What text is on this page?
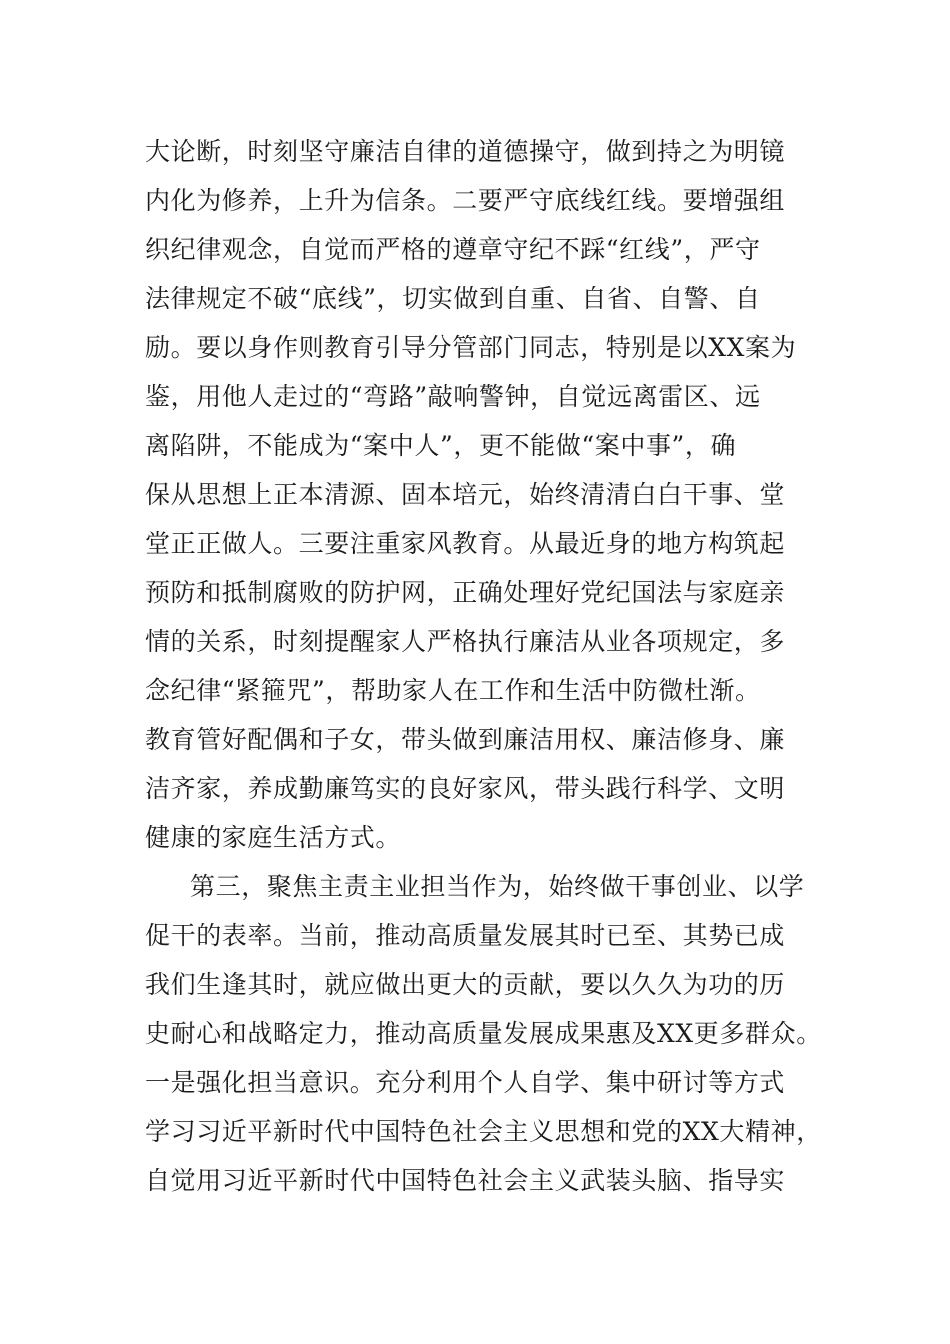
大论断，时刻坚守廉洁自律的道德操守，做到持之为明镜
内化为修养，上升为信条。二要严守底线红线。要增强组
织纪律观念，自觉而严格的遵章守纪不踩“红线”，严守
法律规定不破“底线”，切实做到自重、自省、自警、自
励。要以身作则教育引导分管部门同志，特别是以XX案为
鉴，用他人走过的“弯路”敲响警钟，自觉远离雷区、远
离陷阱，不能成为“案中人”，更不能做“案中事”，确
保从思想上正本清源、固本培元，始终清清白白干事、堂
堂正正做人。三要注重家风教育。从最近身的地方构筑起
预防和抵制腐败的防护网，正确处理好党纪国法与家庭亲
情的关系，时刻提醒家人严格执行廉洁从业各项规定，多
念纪律“紧箍咒”，帮助家人在工作和生活中防微杜渐。
教育管好配偶和子女，带头做到廉洁用权、廉洁修身、廉
洁齐家，养成勤廉笃实的良好家风，带头践行科学、文明
健康的家庭生活方式。
第三，聚焦主责主业担当作为，始终做干事创业、以学
促干的表率。当前，推动高质量发展其时已至、其势已成
我们生逢其时，就应做出更大的贡献，要以久久为功的历
史耐心和战略定力，推动高质量发展成果惠及XX更多群众。
一是强化担当意识。充分利用个人自学、集中研讨等方式
学习习近平新时代中国特色社会主义思想和党的XX大精神，
自觉用习近平新时代中国特色社会主义武装头脑、指导实
